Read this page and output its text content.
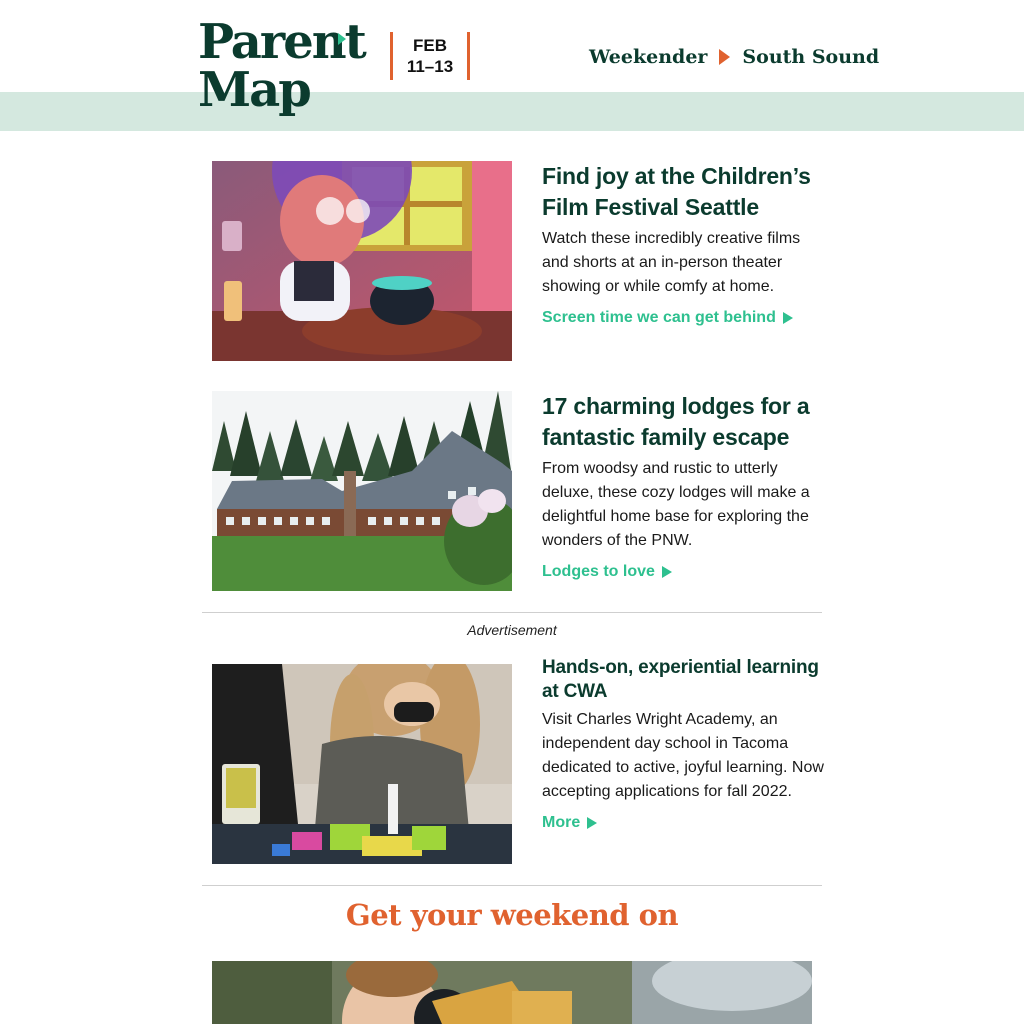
Parent
Map
FEB
11–13	Weekender South Sound
Find joy at the Children’s Film Festival Seattle
Watch these incredibly creative films and shorts at an in-person theater showing or while comfy at home.
Screen time we can get behind
17 charming lodges for a fantastic family escape
From woodsy and rustic to utterly deluxe, these cozy lodges will make a delightful home base for exploring the wonders of the PNW.
Lodges to love
Advertisement
Hands-on, experiential learning at CWA
Visit Charles Wright Academy, an independent day school in Tacoma dedicated to active, joyful learning. Now accepting applications for fall 2022.
More
Get your weekend on
